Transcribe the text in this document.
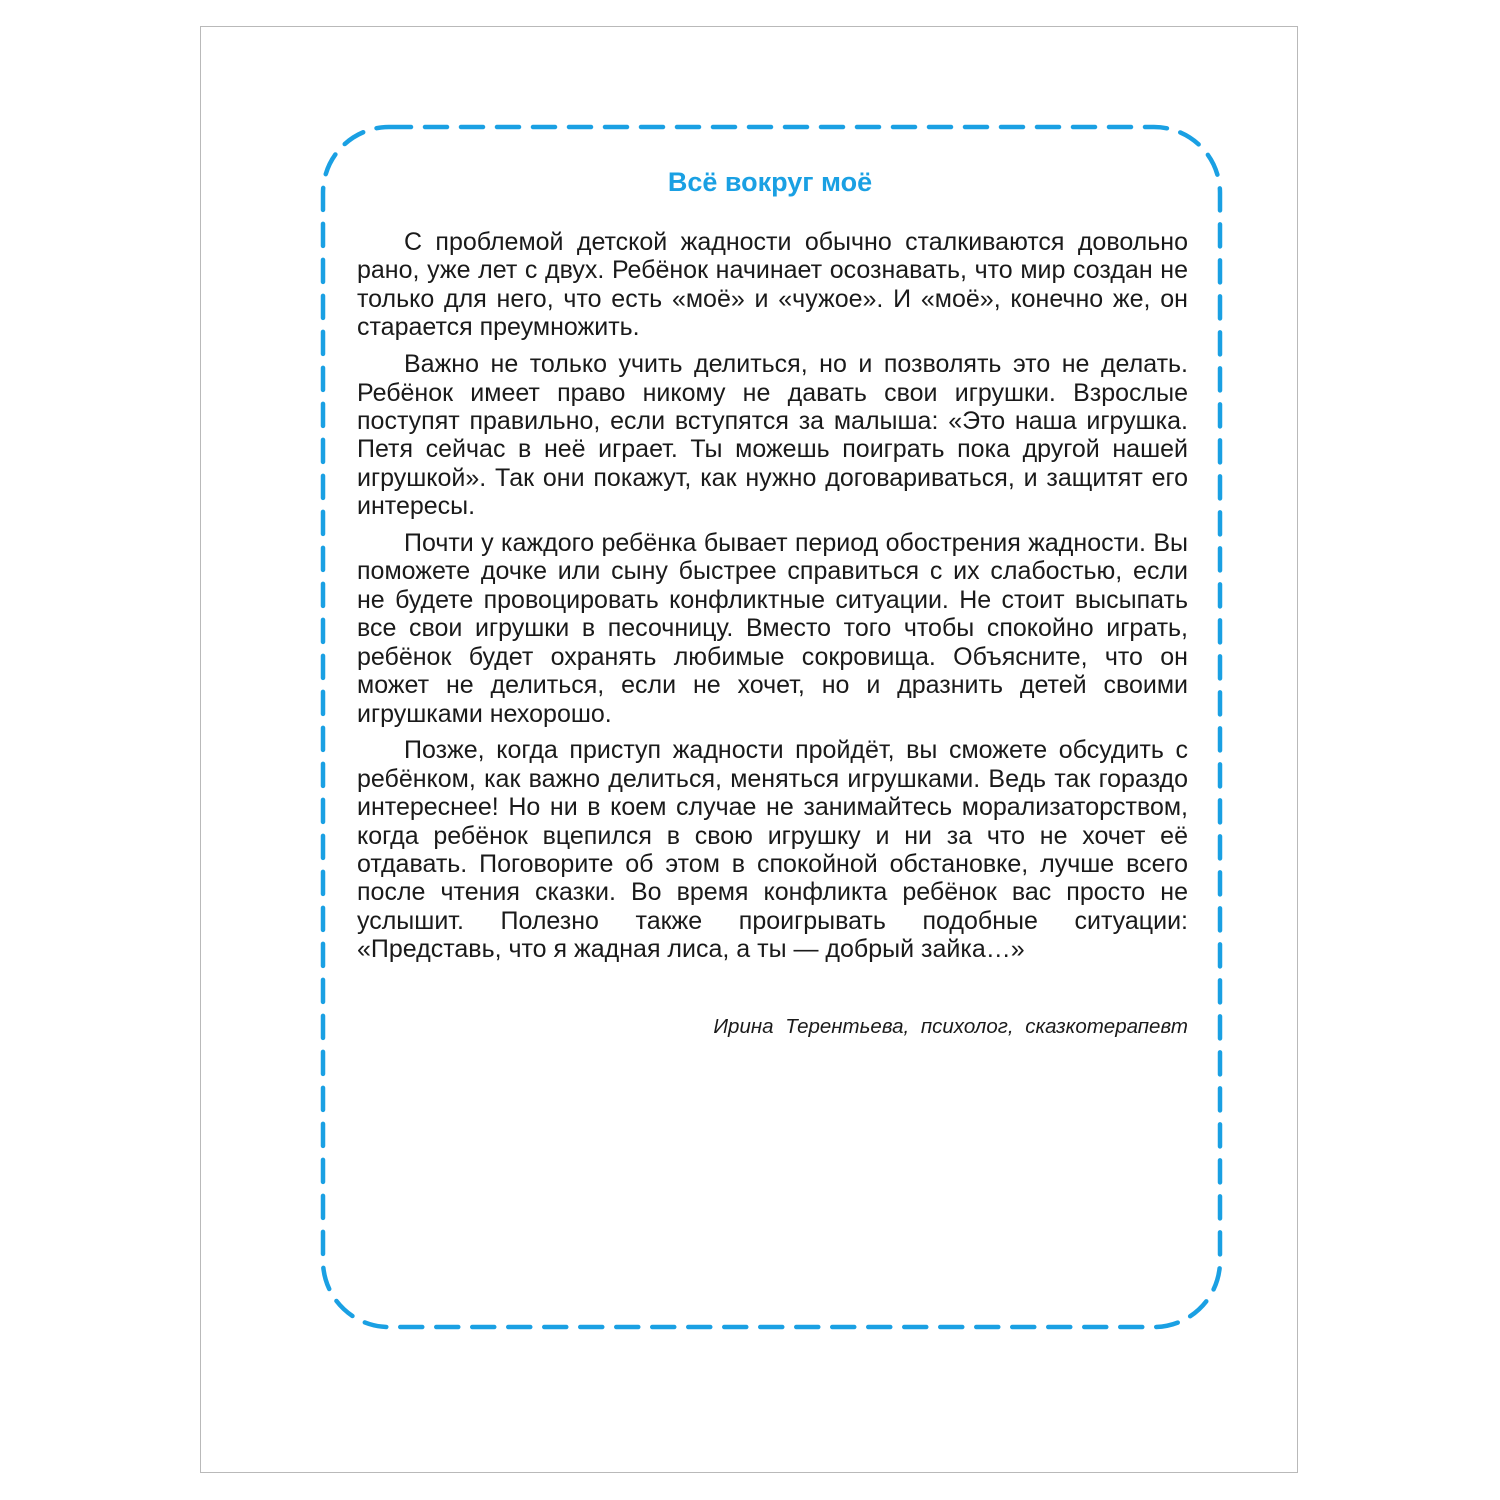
Всё вокруг моё

С проблемой детской жадности обычно сталкиваются довольно рано, уже лет с двух. Ребёнок начинает осознавать, что мир создан не только для него, что есть «моё» и «чужое». И «моё», конечно же, он старается преумножить.

Важно не только учить делиться, но и позволять это не делать. Ребёнок имеет право никому не давать свои игрушки. Взрослые поступят правильно, если вступятся за малыша: «Это наша игрушка. Петя сейчас в неё играет. Ты можешь поиграть пока другой нашей игрушкой». Так они покажут, как нужно договариваться, и защитят его интересы.

Почти у каждого ребёнка бывает период обострения жадности. Вы поможете дочке или сыну быстрее справиться с их слабостью, если не будете провоцировать конфликтные ситуации. Не стоит высыпать все свои игрушки в песочницу. Вместо того чтобы спокойно играть, ребёнок будет охранять любимые сокровища. Объясните, что он может не делиться, если не хочет, но и дразнить детей своими игрушками нехорошо.

Позже, когда приступ жадности пройдёт, вы сможете обсудить с ребёнком, как важно делиться, меняться игрушками. Ведь так гораздо интереснее! Но ни в коем случае не занимайтесь морализаторством, когда ребёнок вцепился в свою игрушку и ни за что не хочет её отдавать. Поговорите об этом в спокойной обстановке, лучше всего после чтения сказки. Во время конфликта ребёнок вас просто не услышит. Полезно также проигрывать подобные ситуации: «Представь, что я жадная лиса, а ты — добрый зайка…»

Ирина Терентьева, психолог, сказкотерапевт
